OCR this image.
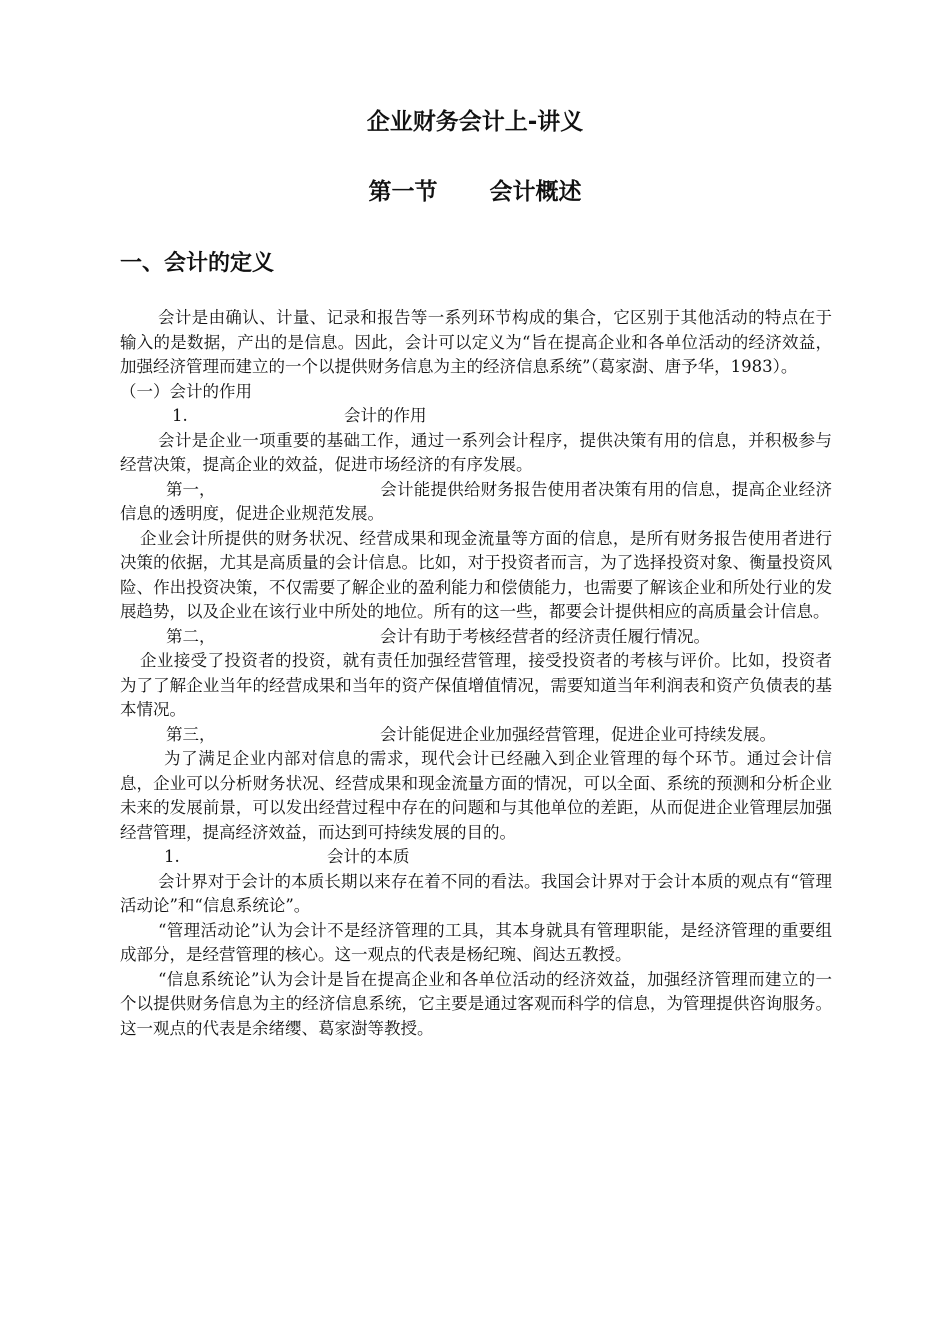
企业财务会计上-讲义
第一节 会计概述
一、会计的定义

会计是由确认、计量、记录和报告等一系列环节构成的集合，它区别于其他活动的特点在于输入的是数据，产出的是信息。因此，会计可以定义为“旨在提高企业和各单位活动的经济效益，加强经济管理而建立的一个以提供财务信息为主的经济信息系统”（葛家澍、唐予华，1983）。

（一）会计的作用

1.	会计的作用

会计是企业一项重要的基础工作，通过一系列会计程序，提供决策有用的信息，并积极参与经营决策，提高企业的效益，促进市场经济的有序发展。

第一，	会计能提供给财务报告使用者决策有用的信息，提高企业经济信息的透明度，促进企业规范发展。

企业会计所提供的财务状况、经营成果和现金流量等方面的信息，是所有财务报告使用者进行决策的依据，尤其是高质量的会计信息。比如，对于投资者而言，为了选择投资对象、衡量投资风险、作出投资决策，不仅需要了解企业的盈利能力和偿债能力，也需要了解该企业和所处行业的发展趋势，以及企业在该行业中所处的地位。所有的这一些，都要会计提供相应的高质量会计信息。

第二，	会计有助于考核经营者的经济责任履行情况。

企业接受了投资者的投资，就有责任加强经营管理，接受投资者的考核与评价。比如，投资者为了了解企业当年的经营成果和当年的资产保值增值情况，需要知道当年利润表和资产负债表的基本情况。

第三，	会计能促进企业加强经营管理，促进企业可持续发展。

为了满足企业内部对信息的需求，现代会计已经融入到企业管理的每个环节。通过会计信息，企业可以分析财务状况、经营成果和现金流量方面的情况，可以全面、系统的预测和分析企业未来的发展前景，可以发出经营过程中存在的问题和与其他单位的差距，从而促进企业管理层加强经营管理，提高经济效益，而达到可持续发展的目的。

1.	会计的本质

会计界对于会计的本质长期以来存在着不同的看法。我国会计界对于会计本质的观点有“管理活动论”和“信息系统论”。

“管理活动论”认为会计不是经济管理的工具，其本身就具有管理职能，是经济管理的重要组成部分，是经营管理的核心。这一观点的代表是杨纪琬、阎达五教授。

“信息系统论”认为会计是旨在提高企业和各单位活动的经济效益，加强经济管理而建立的一个以提供财务信息为主的经济信息系统，它主要是通过客观而科学的信息，为管理提供咨询服务。这一观点的代表是余绪缨、葛家澍等教授。
